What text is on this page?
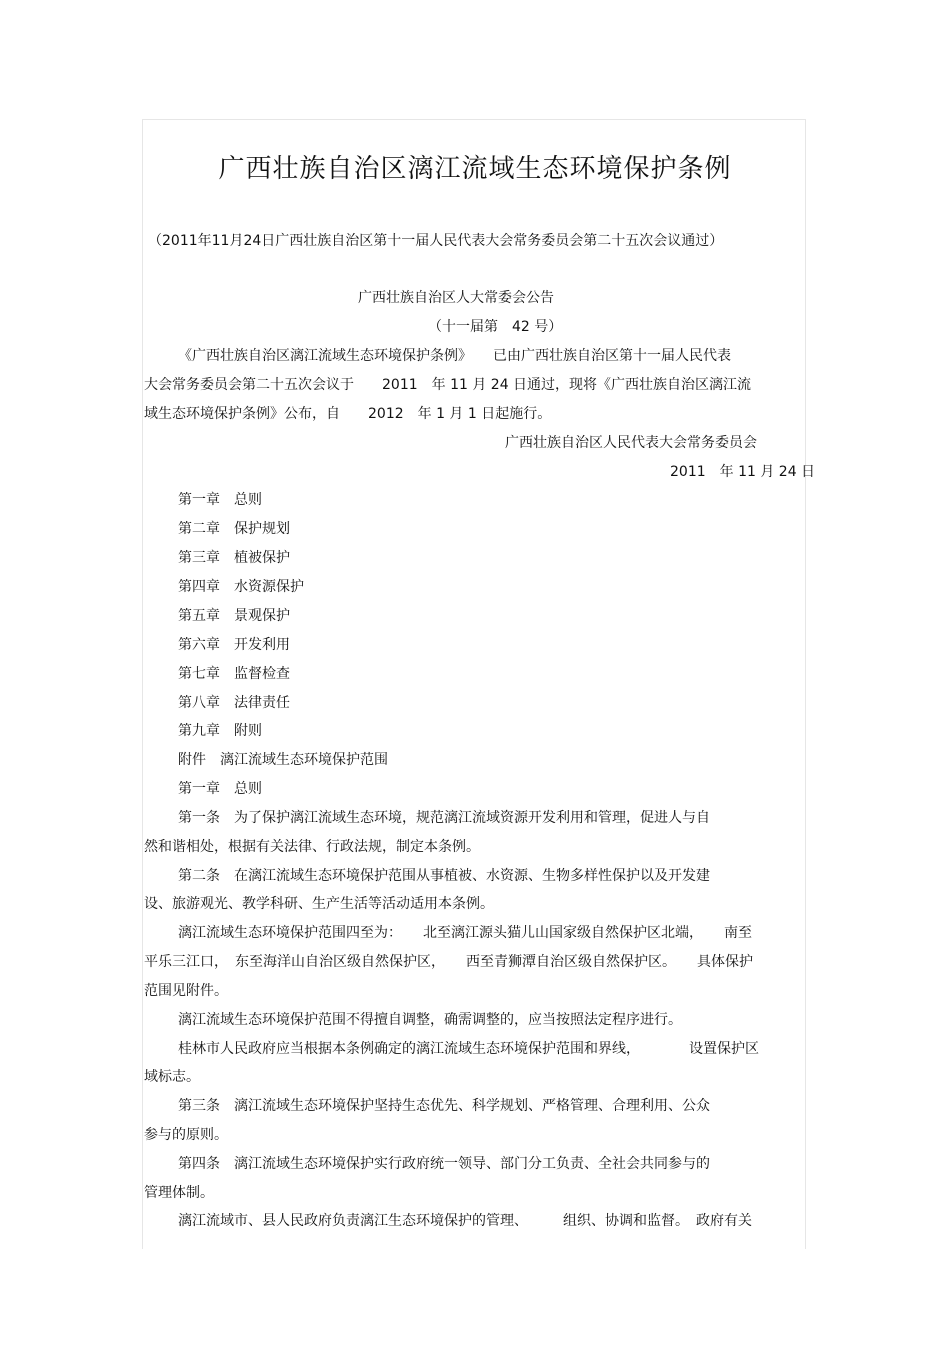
广西壮族自治区漓江流域生态环境保护条例
（2011年11月24日广西壮族自治区第十一届人民代表大会常务委员会第二十五次会议通过）
广西壮族自治区人大常委会公告
（十一届第　42 号）
《广西壮族自治区漓江流域生态环境保护条例》　　已由广西壮族自治区第十一届人民代表
大会常务委员会第二十五次会议于　　2011　年 11 月 24 日通过，现将《广西壮族自治区漓江流
域生态环境保护条例》公布，自　　2012　年 1 月 1 日起施行。
广西壮族自治区人民代表大会常务委员会
2011　年 11 月 24 日
第一章　总则
第二章　保护规划
第三章　植被保护
第四章　水资源保护
第五章　景观保护
第六章　开发利用
第七章　监督检查
第八章　法律责任
第九章　附则
附件　漓江流域生态环境保护范围
第一章　总则
第一条　为了保护漓江流域生态环境，规范漓江流域资源开发利用和管理，促进人与自
然和谐相处，根据有关法律、行政法规，制定本条例。
第二条　在漓江流域生态环境保护范围从事植被、水资源、生物多样性保护以及开发建
设、旅游观光、教学科研、生产生活等活动适用本条例。
漓江流域生态环境保护范围四至为：　　北至漓江源头猫儿山国家级自然保护区北端，　　南至
平乐三江口，　东至海洋山自治区级自然保护区，　　西至青狮潭自治区级自然保护区。　　具体保护
范围见附件。
漓江流域生态环境保护范围不得擅自调整，确需调整的，应当按照法定程序进行。
桂林市人民政府应当根据本条例确定的漓江流域生态环境保护范围和界线，　　　　设置保护区
域标志。
第三条　漓江流域生态环境保护坚持生态优先、科学规划、严格管理、合理利用、公众
参与的原则。
第四条　漓江流域生态环境保护实行政府统一领导、部门分工负责、全社会共同参与的
管理体制。
漓江流域市、县人民政府负责漓江生态环境保护的管理、　　　组织、协调和监督。　政府有关
